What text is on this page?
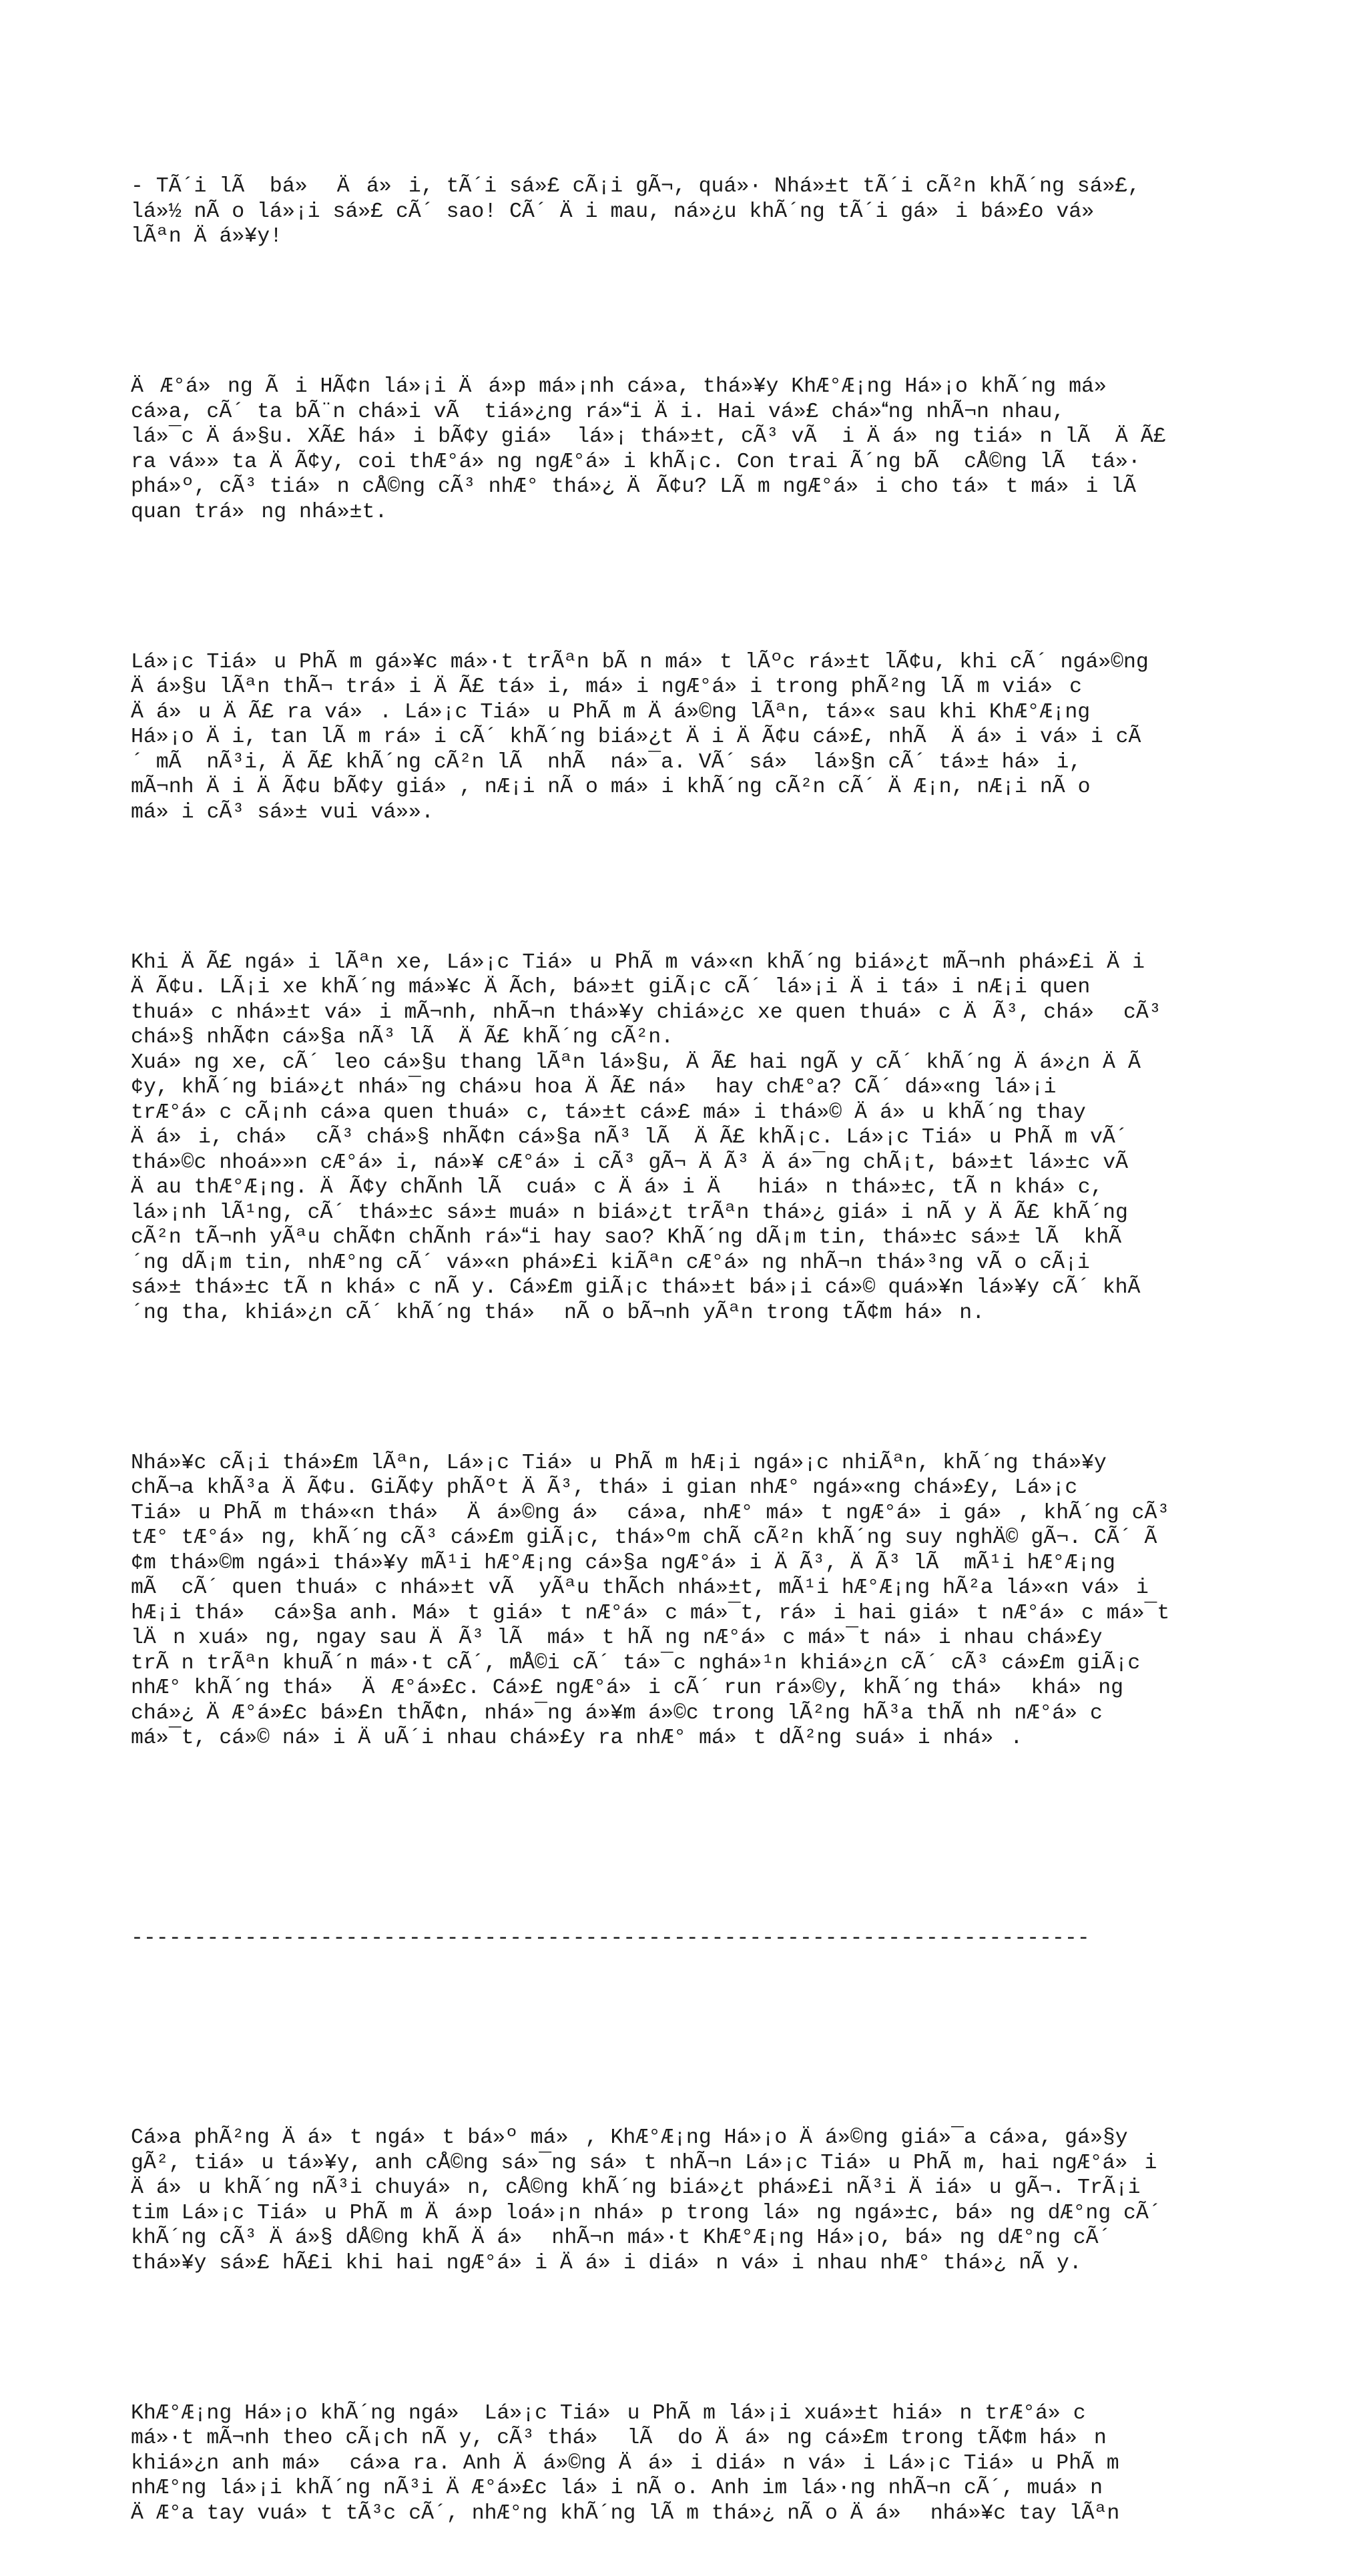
- TÃ´i lÃ  bá» Äá»i, tÃ´i sá»£ cÃ¡i gÃ¬, quá»· Nhá»±t tÃ´i cÃ²n khÃ´ng sá»£,
lá»½ nÃ o lá»¡i sá»£ cÃ´ sao! CÃ´ Äi mau, ná»¿u khÃ´ng tÃ´i gá»i bá»£o vá»
lÃªn Äá»¥y!

ÄÆ°á»ng Ãi HÃ¢n lá»¡i Äá»p má»¡nh cá»a, thá»¥y KhÆ°Æ¡ng Há»¡o khÃ´ng má»
cá»a, cÃ´ ta bÃ¨n chá»i vÃ  tiá»¿ng rá»i Äi. Hai vá»£ chá»ng nhÃ¬n nhau,
lá»¯c Äá»§u. XÃ£ há»i bÃ¢y giá» lá»¡ thá»±t, cÃ³ vÃ  i Äá»ng tiá»n lÃ  ÄÃ£
ra vá»» ta ÄÃ¢y, coi thÆ°á»ng ngÆ°á»i khÃ¡c. Con trai Ã´ng bÃ  cÅ©ng lÃ  tá»·
phá»º, cÃ³ tiá»n cÅ©ng cÃ³ nhÆ° thá»¿ ÄÃ¢u? LÃ m ngÆ°á»i cho tá»t má»i lÃ
quan trá»ng nhá»±t.

Lá»¡c Tiá»u PhÃ m gá»¥c má»·t trÃªn bÃ n má»t lÃºc rá»±t lÃ¢u, khi cÃ´ ngá»©ng
Äá»§u lÃªn thÃ¬ trá»i ÄÃ£ tá»i, má»i ngÆ°á»i trong phÃ²ng lÃ m viá»c
Äá»u ÄÃ£ ra vá». Lá»¡c Tiá»u PhÃ m Äá»©ng lÃªn, tá»« sau khi KhÆ°Æ¡ng
Há»¡o Äi, tan lÃ m rá»i cÃ´ khÃ´ng biá»¿t Äi ÄÃ¢u cá»£, nhÃ  Äá»i vá»i cÃ
´ mÃ  nÃ³i, ÄÃ£ khÃ´ng cÃ²n lÃ  nhÃ  ná»¯a. VÃ´ sá» lá»§n cÃ´ tá»± há»i,
mÃ¬nh Äi ÄÃ¢u bÃ¢y giá», nÆ¡i nÃ o má»i khÃ´ng cÃ²n cÃ´ ÄÆ¡n, nÆ¡i nÃ o
má»i cÃ³ sá»± vui vá»».

Khi ÄÃ£ ngá»i lÃªn xe, Lá»¡c Tiá»u PhÃ m vá»«n khÃ´ng biá»¿t mÃ¬nh phá»£i Äi
ÄÃ¢u. LÃ¡i xe khÃ´ng má»¥c ÄÃch, bá»±t giÃ¡c cÃ´ lá»¡i Äi tá»i nÆ¡i quen
thuá»c nhá»±t vá»i mÃ¬nh, nhÃ¬n thá»¥y chiá»¿c xe quen thuá»c ÄÃ³, chá» cÃ³
chá»§ nhÃ¢n cá»§a nÃ³ lÃ  ÄÃ£ khÃ´ng cÃ²n.
Xuá»ng xe, cÃ´ leo cá»§u thang lÃªn lá»§u, ÄÃ£ hai ngÃ y cÃ´ khÃ´ng Äá»¿n ÄÃ
¢y, khÃ´ng biá»¿t nhá»¯ng chá»u hoa ÄÃ£ ná» hay chÆ°a? CÃ´ dá»«ng lá»¡i
trÆ°á»c cÃ¡nh cá»a quen thuá»c, tá»±t cá»£ má»i thá»© Äá»u khÃ´ng thay
Äá»i, chá» cÃ³ chá»§ nhÃ¢n cá»§a nÃ³ lÃ  ÄÃ£ khÃ¡c. Lá»¡c Tiá»u PhÃ m vÃ´
thá»©c nhoá»»n cÆ°á»i, ná»¥ cÆ°á»i cÃ³ gÃ¬ ÄÃ³ Äá»¯ng chÃ¡t, bá»±t lá»±c vÃ
Äau thÆ°Æ¡ng. ÄÃ¢y chÃnh lÃ  cuá»c Äá»i Ä hiá»n thá»±c, tÃ n khá»c,
lá»¡nh lÃ¹ng, cÃ´ thá»±c sá»± muá»n biá»¿t trÃªn thá»¿ giá»i nÃ y ÄÃ£ khÃ´ng
cÃ²n tÃ¬nh yÃªu chÃ¢n chÃnh rá»i hay sao? KhÃ´ng dÃ¡m tin, thá»±c sá»± lÃ  khÃ
´ng dÃ¡m tin, nhÆ°ng cÃ´ vá»«n phá»£i kiÃªn cÆ°á»ng nhÃ¬n thá»³ng vÃ o cÃ¡i
sá»± thá»±c tÃ n khá»c nÃ y. Cá»£m giÃ¡c thá»±t bá»¡i cá»© quá»¥n lá»¥y cÃ´ khÃ
´ng tha, khiá»¿n cÃ´ khÃ´ng thá» nÃ o bÃ¬nh yÃªn trong tÃ¢m há»n.

Nhá»¥c cÃ¡i thá»£m lÃªn, Lá»¡c Tiá»u PhÃ m hÆ¡i ngá»¡c nhiÃªn, khÃ´ng thá»¥y
chÃ¬a khÃ³a ÄÃ¢u. GiÃ¢y phÃºt ÄÃ³, thá»i gian nhÆ° ngá»«ng chá»£y, Lá»¡c
Tiá»u PhÃ m thá»«n thá» Äá»©ng á» cá»a, nhÆ° má»t ngÆ°á»i gá», khÃ´ng cÃ³
tÆ° tÆ°á»ng, khÃ´ng cÃ³ cá»£m giÃ¡c, thá»ºm chÃ cÃ²n khÃ´ng suy nghÄ© gÃ¬. CÃ´ Ã
¢m thá»©m ngá»i thá»¥y mÃ¹i hÆ°Æ¡ng cá»§a ngÆ°á»i ÄÃ³, ÄÃ³ lÃ  mÃ¹i hÆ°Æ¡ng
mÃ  cÃ´ quen thuá»c nhá»±t vÃ  yÃªu thÃch nhá»±t, mÃ¹i hÆ°Æ¡ng hÃ²a lá»«n vá»i
hÆ¡i thá» cá»§a anh. Má»t giá»t nÆ°á»c má»¯t, rá»i hai giá»t nÆ°á»c má»¯t
lÄn xuá»ng, ngay sau ÄÃ³ lÃ  má»t hÃ ng nÆ°á»c má»¯t ná»i nhau chá»£y
trÃ n trÃªn khuÃ´n má»·t cÃ´, mÅ©i cÃ´ tá»¯c nghá»¹n khiá»¿n cÃ´ cÃ³ cá»£m giÃ¡c
nhÆ° khÃ´ng thá» ÄÆ°á»£c. Cá»£ ngÆ°á»i cÃ´ run rá»©y, khÃ´ng thá» khá»ng
chá»¿ ÄÆ°á»£c bá»£n thÃ¢n, nhá»¯ng á»¥m á»©c trong lÃ²ng hÃ³a thÃ nh nÆ°á»c
má»¯t, cá»© ná»i ÄuÃ´i nhau chá»£y ra nhÆ° má»t dÃ²ng suá»i nhá».

----------------------------------------------------------------------------

Cá»a phÃ²ng Äá»t ngá»t bá»º má», KhÆ°Æ¡ng Há»¡o Äá»©ng giá»¯a cá»a, gá»§y
gÃ², tiá»u tá»¥y, anh cÅ©ng sá»¯ng sá»t nhÃ¬n Lá»¡c Tiá»u PhÃ m, hai ngÆ°á»i
Äá»u khÃ´ng nÃ³i chuyá»n, cÅ©ng khÃ´ng biá»¿t phá»£i nÃ³i Äiá»u gÃ¬. TrÃ¡i
tim Lá»¡c Tiá»u PhÃ m Äá»p loá»¡n nhá»p trong lá»ng ngá»±c, bá»ng dÆ°ng cÃ´
khÃ´ng cÃ³ Äá»§ dÅ©ng khÃ Äá» nhÃ¬n má»·t KhÆ°Æ¡ng Há»¡o, bá»ng dÆ°ng cÃ´
thá»¥y sá»£ hÃ£i khi hai ngÆ°á»i Äá»i diá»n vá»i nhau nhÆ° thá»¿ nÃ y.

KhÆ°Æ¡ng Há»¡o khÃ´ng ngá» Lá»¡c Tiá»u PhÃ m lá»¡i xuá»±t hiá»n trÆ°á»c
má»·t mÃ¬nh theo cÃ¡ch nÃ y, cÃ³ thá» lÃ  do Äá»ng cá»£m trong tÃ¢m há»n
khiá»¿n anh má» cá»a ra. Anh Äá»©ng Äá»i diá»n vá»i Lá»¡c Tiá»u PhÃ m
nhÆ°ng lá»¡i khÃ´ng nÃ³i ÄÆ°á»£c lá»i nÃ o. Anh im lá»·ng nhÃ¬n cÃ´, muá»n
ÄÆ°a tay vuá»t tÃ³c cÃ´, nhÆ°ng khÃ´ng lÃ m thá»¿ nÃ o Äá» nhá»¥c tay lÃªn
